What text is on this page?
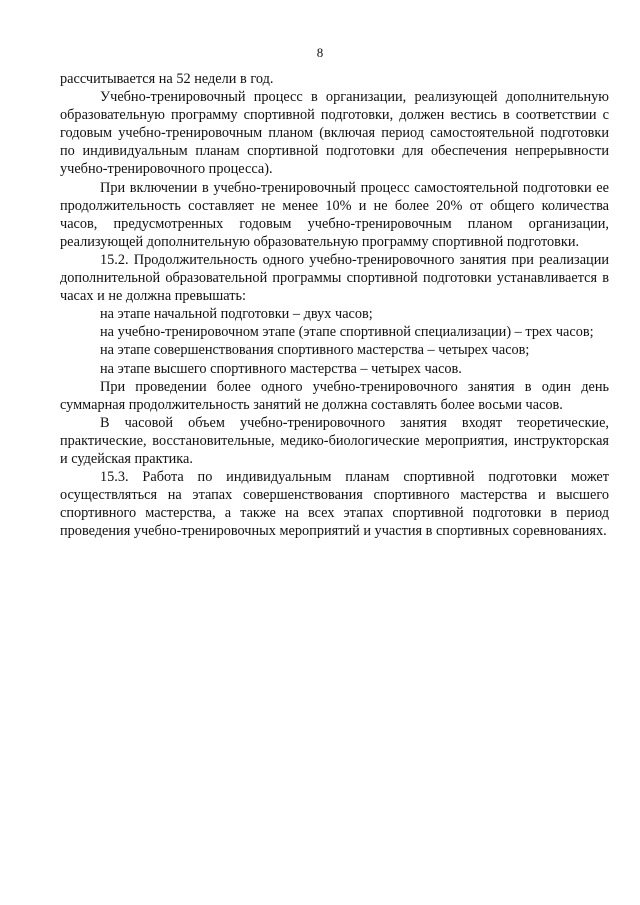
8

рассчитывается на 52 недели в год.

Учебно-тренировочный процесс в организации, реализующей дополнительную образовательную программу спортивной подготовки, должен вестись в соответствии с годовым учебно-тренировочным планом (включая период самостоятельной подготовки по индивидуальным планам спортивной подготовки для обеспечения непрерывности учебно-тренировочного процесса).

При включении в учебно-тренировочный процесс самостоятельной подготовки ее продолжительность составляет не менее 10% и не более 20% от общего количества часов, предусмотренных годовым учебно-тренировочным планом организации, реализующей дополнительную образовательную программу спортивной подготовки.

15.2. Продолжительность одного учебно-тренировочного занятия при реализации дополнительной образовательной программы спортивной подготовки устанавливается в часах и не должна превышать:

на этапе начальной подготовки – двух часов;

на учебно-тренировочном этапе (этапе спортивной специализации) – трех часов;

на этапе совершенствования спортивного мастерства – четырех часов;

на этапе высшего спортивного мастерства – четырех часов.

При проведении более одного учебно-тренировочного занятия в один день суммарная продолжительность занятий не должна составлять более восьми часов.

В часовой объем учебно-тренировочного занятия входят теоретические, практические, восстановительные, медико-биологические мероприятия, инструкторская и судейская практика.

15.3. Работа по индивидуальным планам спортивной подготовки может осуществляться на этапах совершенствования спортивного мастерства и высшего спортивного мастерства, а также на всех этапах спортивной подготовки в период проведения учебно-тренировочных мероприятий и участия в спортивных соревнованиях.
